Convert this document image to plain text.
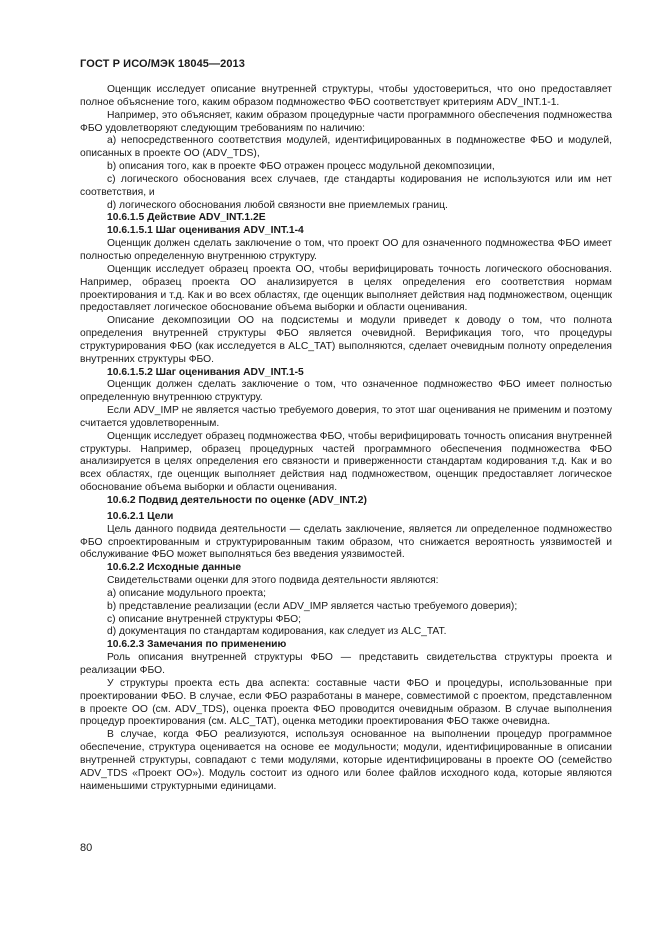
ГОСТ Р ИСО/МЭК 18045—2013

Оценщик исследует описание внутренней структуры, чтобы удостовериться, что оно предоставляет полное объяснение того, каким образом подмножество ФБО соответствует критериям ADV_INT.1-1.

Например, это объясняет, каким образом процедурные части программного обеспечения подмножества ФБО удовлетворяют следующим требованиям по наличию:

a) непосредственного соответствия модулей, идентифицированных в подмножестве ФБО и модулей, описанных в проекте ОО (ADV_TDS),

b) описания того, как в проекте ФБО отражен процесс модульной декомпозиции,

c) логического обоснования всех случаев, где стандарты кодирования не используются или им нет соответствия, и

d) логического обоснования любой связности вне приемлемых границ.

10.6.1.5 Действие ADV_INT.1.2E

10.6.1.5.1 Шаг оценивания ADV_INT.1-4

Оценщик должен сделать заключение о том, что проект ОО для означенного подмножества ФБО имеет полностью определенную внутреннюю структуру.

Оценщик исследует образец проекта ОО, чтобы верифицировать точность логического обоснования. Например, образец проекта ОО анализируется в целях определения его соответствия нормам проектирования и т.д. Как и во всех областях, где оценщик выполняет действия над подмножеством, оценщик предоставляет логическое обоснование объема выборки и области оценивания.

Описание декомпозиции ОО на подсистемы и модули приведет к доводу о том, что полнота определения внутренней структуры ФБО является очевидной. Верификация того, что процедуры структурирования ФБО (как исследуется в ALC_TAT) выполняются, сделает очевидным полноту определения внутренних структуры ФБО.

10.6.1.5.2 Шаг оценивания ADV_INT.1-5

Оценщик должен сделать заключение о том, что означенное подмножество ФБО имеет полностью определенную внутреннюю структуру.

Если ADV_IMP не является частью требуемого доверия, то этот шаг оценивания не применим и поэтому считается удовлетворенным.

Оценщик исследует образец подмножества ФБО, чтобы верифицировать точность описания внутренней структуры. Например, образец процедурных частей программного обеспечения подмножества ФБО анализируется в целях определения его связности и приверженности стандартам кодирования т.д. Как и во всех областях, где оценщик выполняет действия над подмножеством, оценщик предоставляет логическое обоснование объема выборки и области оценивания.

10.6.2 Подвид деятельности по оценке (ADV_INT.2)

10.6.2.1 Цели

Цель данного подвида деятельности — сделать заключение, является ли определенное подмножество ФБО спроектированным и структурированным таким образом, что снижается вероятность уязвимостей и обслуживание ФБО может выполняться без введения уязвимостей.

10.6.2.2 Исходные данные

Свидетельствами оценки для этого подвида деятельности являются:

a) описание модульного проекта;

b) представление реализации (если ADV_IMP является частью требуемого доверия);

c) описание внутренней структуры ФБО;

d) документация по стандартам кодирования, как следует из ALC_TAT.

10.6.2.3 Замечания по применению

Роль описания внутренней структуры ФБО — представить свидетельства структуры проекта и реализации ФБО.

У структуры проекта есть два аспекта: составные части ФБО и процедуры, использованные при проектировании ФБО. В случае, если ФБО разработаны в манере, совместимой с проектом, представленном в проекте ОО (см. ADV_TDS), оценка проекта ФБО проводится очевидным образом. В случае выполнения процедур проектирования (см. ALC_TAT), оценка методики проектирования ФБО также очевидна.

В случае, когда ФБО реализуются, используя основанное на выполнении процедур программное обеспечение, структура оценивается на основе ее модульности; модули, идентифицированные в описании внутренней структуры, совпадают с теми модулями, которые идентифицированы в проекте ОО (семейство ADV_TDS «Проект ОО»). Модуль состоит из одного или более файлов исходного кода, которые являются наименьшими структурными единицами.

80
